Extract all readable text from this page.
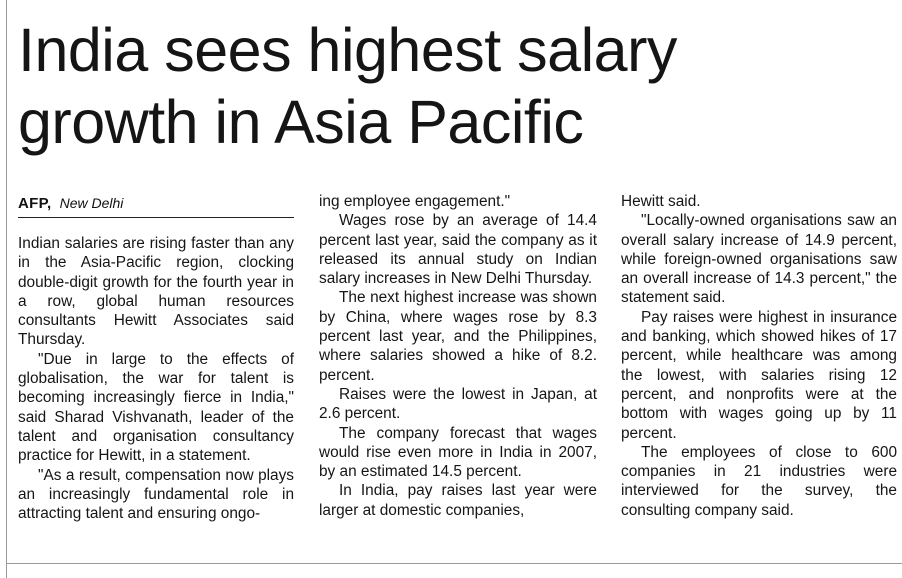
India sees highest salary
growth in Asia Pacific
AFP, New Delhi

Indian salaries are rising faster than any in the Asia-Pacific region, clocking double-digit growth for the fourth year in a row, global human resources consultants Hewitt Associates said Thursday.

"Due in large to the effects of globalisation, the war for talent is becoming increasingly fierce in India," said Sharad Vishvanath, leader of the talent and organisation consultancy practice for Hewitt, in a statement.

"As a result, compensation now plays an increasingly fundamental role in attracting talent and ensuring ongo-

ing employee engagement."

Wages rose by an average of 14.4 percent last year, said the company as it released its annual study on Indian salary increases in New Delhi Thursday.

The next highest increase was shown by China, where wages rose by 8.3 percent last year, and the Philippines, where salaries showed a hike of 8.2. percent.

Raises were the lowest in Japan, at 2.6 percent.

The company forecast that wages would rise even more in India in 2007, by an estimated 14.5 percent.

In India, pay raises last year were larger at domestic companies,

Hewitt said.

"Locally-owned organisations saw an overall salary increase of 14.9 percent, while foreign-owned organisations saw an overall increase of 14.3 percent," the statement said.

Pay raises were highest in insurance and banking, which showed hikes of 17 percent, while healthcare was among the lowest, with salaries rising 12 percent, and nonprofits were at the bottom with wages going up by 11 percent.

The employees of close to 600 companies in 21 industries were interviewed for the survey, the consulting company said.
